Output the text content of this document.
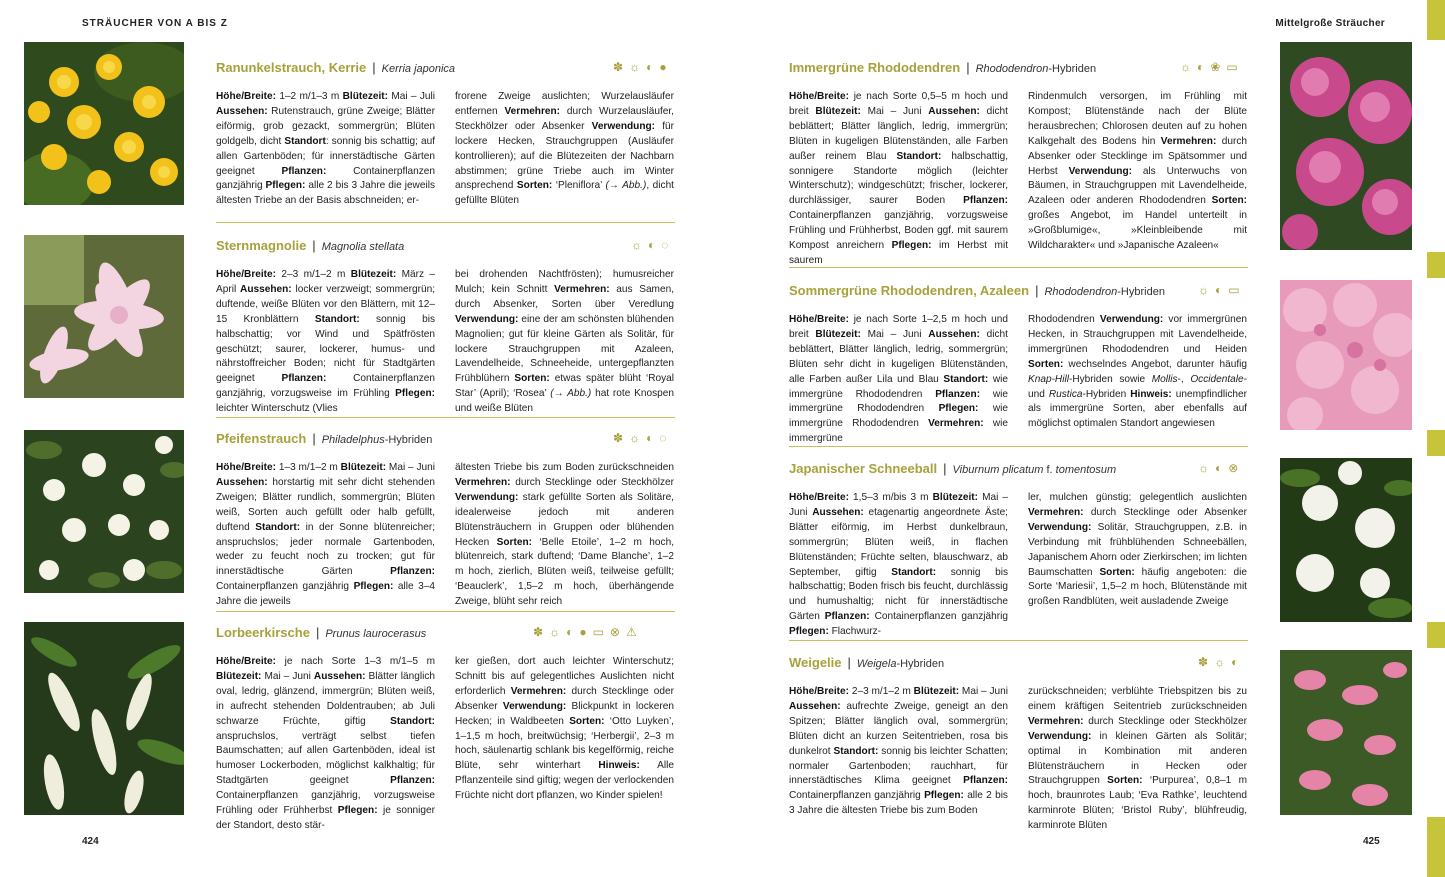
STRÄUCHER VON A BIS Z	Mittelgroße Sträucher
424	425
Ranunkelstrauch, Kerrie | Kerria japonica	✽ ☼ ◐ ●
Höhe/Breite: 1–2 m/1–3 m Blütezeit: Mai – Juli Aussehen: Rutenstrauch, grüne Zweige; Blätter eiförmig, grob gezackt, sommergrün; Blüten goldgelb, dicht Standort: sonnig bis schattig; auf allen Gartenböden; für innerstädtische Gärten geeignet Pflanzen: Containerpflanzen ganzjährig Pflegen: alle 2 bis 3 Jahre die jeweils ältesten Triebe an der Basis abschneiden; er-
frorene Zweige auslichten; Wurzelausläufer entfernen Vermehren: durch Wurzelausläufer, Steckhölzer oder Absenker Verwendung: für lockere Hecken, Strauchgruppen (Ausläufer kontrollieren); auf die Blütezeiten der Nachbarn abstimmen; grüne Triebe auch im Winter ansprechend Sorten: ‘Pleniflora’ (→ Abb.), dicht gefüllte Blüten
Sternmagnolie | Magnolia stellata	☼ ◐ ◌
Höhe/Breite: 2–3 m/1–2 m Blütezeit: März – April Aussehen: locker verzweigt; sommergrün; duftende, weiße Blüten vor den Blättern, mit 12–15 Kronblättern Standort: sonnig bis halbschattig; vor Wind und Spätfrösten geschützt; saurer, lockerer, humus- und nährstoffreicher Boden; nicht für Stadtgärten geeignet Pflanzen: Containerpflanzen ganzjährig, vorzugsweise im Frühling Pflegen: leichter Winterschutz (Vlies
bei drohenden Nachtfrösten); humusreicher Mulch; kein Schnitt Vermehren: aus Samen, durch Absenker, Sorten über Veredlung Verwendung: eine der am schönsten blühenden Magnolien; gut für kleine Gärten als Solitär, für lockere Strauchgruppen mit Azaleen, Lavendelheide, Schneeheide, untergepflanzten Frühblühern Sorten: etwas später blüht ‘Royal Star’ (April); ‘Rosea’ (→ Abb.) hat rote Knospen und weiße Blüten
Pfeifenstrauch | Philadelphus-Hybriden	✽ ☼ ◐ ◌
Höhe/Breite: 1–3 m/1–2 m Blütezeit: Mai – Juni Aussehen: horstartig mit sehr dicht stehenden Zweigen; Blätter rundlich, sommergrün; Blüten weiß, Sorten auch gefüllt oder halb gefüllt, duftend Standort: in der Sonne blütenreicher; anspruchslos; jeder normale Gartenboden, weder zu feucht noch zu trocken; gut für innerstädtische Gärten Pflanzen: Containerpflanzen ganzjährig Pflegen: alle 3–4 Jahre die jeweils
ältesten Triebe bis zum Boden zurückschneiden Vermehren: durch Stecklinge oder Steckhölzer Verwendung: stark gefüllte Sorten als Solitäre, idealerweise jedoch mit anderen Blütensträuchern in Gruppen oder blühenden Hecken Sorten: ‘Belle Etoile’, 1–2 m hoch, blütenreich, stark duftend; ‘Dame Blanche’, 1–2 m hoch, zierlich, Blüten weiß, teilweise gefüllt; ‘Beauclerk’, 1,5–2 m hoch, überhängende Zweige, blüht sehr reich
Lorbeerkirsche | Prunus laurocerasus	✽ ☼ ◐ ● ▭ ⊗ ⚠
Höhe/Breite: je nach Sorte 1–3 m/1–5 m Blütezeit: Mai – Juni Aussehen: Blätter länglich oval, ledrig, glänzend, immergrün; Blüten weiß, in aufrecht stehenden Doldentrauben; ab Juli schwarze Früchte, giftig Standort: anspruchslos, verträgt selbst tiefen Baumschatten; auf allen Gartenböden, ideal ist humoser Lockerboden, möglichst kalkhaltig; für Stadtgärten geeignet Pflanzen: Containerpflanzen ganzjährig, vorzugsweise Frühling oder Frühherbst Pflegen: je sonniger der Standort, desto stär-
ker gießen, dort auch leichter Winterschutz; Schnitt bis auf gelegentliches Auslichten nicht erforderlich Vermehren: durch Stecklinge oder Absenker Verwendung: Blickpunkt in lockeren Hecken; in Waldbeeten Sorten: ‘Otto Luyken’, 1–1,5 m hoch, breitwüchsig; ‘Herbergii’, 2–3 m hoch, säulenartig schlank bis kegelförmig, reiche Blüte, sehr winterhart Hinweis: Alle Pflanzenteile sind giftig; wegen der verlockenden Früchte nicht dort pflanzen, wo Kinder spielen!
Immergrüne Rhododendren | Rhododendron-Hybriden	☼ ◐ ❀ ▭
Höhe/Breite: je nach Sorte 0,5–5 m hoch und breit Blütezeit: Mai – Juni Aussehen: dicht beblättert; Blätter länglich, ledrig, immergrün; Blüten in kugeligen Blütenständen, alle Farben außer reinem Blau Standort: halbschattig, sonnigere Standorte möglich (leichter Winterschutz); windgeschützt; frischer, lockerer, durchlässiger, saurer Boden Pflanzen: Containerpflanzen ganzjährig, vorzugsweise Frühling und Frühherbst, Boden ggf. mit saurem Kompost anreichern Pflegen: im Herbst mit saurem
Rindenmulch versorgen, im Frühling mit Kompost; Blütenstände nach der Blüte herausbrechen; Chlorosen deuten auf zu hohen Kalkgehalt des Bodens hin Vermehren: durch Absenker oder Stecklinge im Spätsommer und Herbst Verwendung: als Unterwuchs von Bäumen, in Strauchgruppen mit Lavendelheide, Azaleen oder anderen Rhododendren Sorten: großes Angebot, im Handel unterteilt in »Großblumige«, »Kleinbleibende mit Wildcharakter« und »Japanische Azaleen«
Sommergrüne Rhododendren, Azaleen | Rhododendron-Hybriden	☼ ◐ ▭
Höhe/Breite: je nach Sorte 1–2,5 m hoch und breit Blütezeit: Mai – Juni Aussehen: dicht beblättert, Blätter länglich, ledrig, sommergrün; Blüten sehr dicht in kugeligen Blütenständen, alle Farben außer Lila und Blau Standort: wie immergrüne Rhododendren Pflanzen: wie immergrüne Rhododendren Pflegen: wie immergrüne Rhododendren Vermehren: wie immergrüne
Rhododendren Verwendung: vor immergrünen Hecken, in Strauchgruppen mit Lavendelheide, immergrünen Rhododendren und Heiden Sorten: wechselndes Angebot, darunter häufig Knap-Hill-Hybriden sowie Mollis-, Occidentale- und Rustica-Hybriden Hinweis: unempfindlicher als immergrüne Sorten, aber ebenfalls auf möglichst optimalen Standort angewiesen
Japanischer Schneeball | Viburnum plicatum f. tomentosum	☼ ◐ ⊗
Höhe/Breite: 1,5–3 m/bis 3 m Blütezeit: Mai – Juni Aussehen: etagenartig angeordnete Äste; Blätter eiförmig, im Herbst dunkelbraun, sommergrün; Blüten weiß, in flachen Blütenständen; Früchte selten, blauschwarz, ab September, giftig Standort: sonnig bis halbschattig; Boden frisch bis feucht, durchlässig und humushaltig; nicht für innerstädtische Gärten Pflanzen: Containerpflanzen ganzjährig Pflegen: Flachwurz-
ler, mulchen günstig; gelegentlich auslichten Vermehren: durch Stecklinge oder Absenker Verwendung: Solitär, Strauchgruppen, z.B. in Verbindung mit frühblühenden Schneebällen, Japanischem Ahorn oder Zierkirschen; im lichten Baumschatten Sorten: häufig angeboten: die Sorte ‘Mariesii’, 1,5–2 m hoch, Blütenstände mit großen Randblüten, weit ausladende Zweige
Weigelie | Weigela-Hybriden	✽ ☼ ◐
Höhe/Breite: 2–3 m/1–2 m Blütezeit: Mai – Juni Aussehen: aufrechte Zweige, geneigt an den Spitzen; Blätter länglich oval, sommergrün; Blüten dicht an kurzen Seitentrieben, rosa bis dunkelrot Standort: sonnig bis leichter Schatten; normaler Gartenboden; rauchhart, für innerstädtisches Klima geeignet Pflanzen: Containerpflanzen ganzjährig Pflegen: alle 2 bis 3 Jahre die ältesten Triebe bis zum Boden
zurückschneiden; verblühte Triebspitzen bis zu einem kräftigen Seitentrieb zurückschneiden Vermehren: durch Stecklinge oder Steckhölzer Verwendung: in kleinen Gärten als Solitär; optimal in Kombination mit anderen Blütensträuchern in Hecken oder Strauchgruppen Sorten: ‘Purpurea’, 0,8–1 m hoch, braunrotes Laub; ‘Eva Rathke’, leuchtend karminrote Blüten; ‘Bristol Ruby’, blühfreudig, karminrote Blüten
